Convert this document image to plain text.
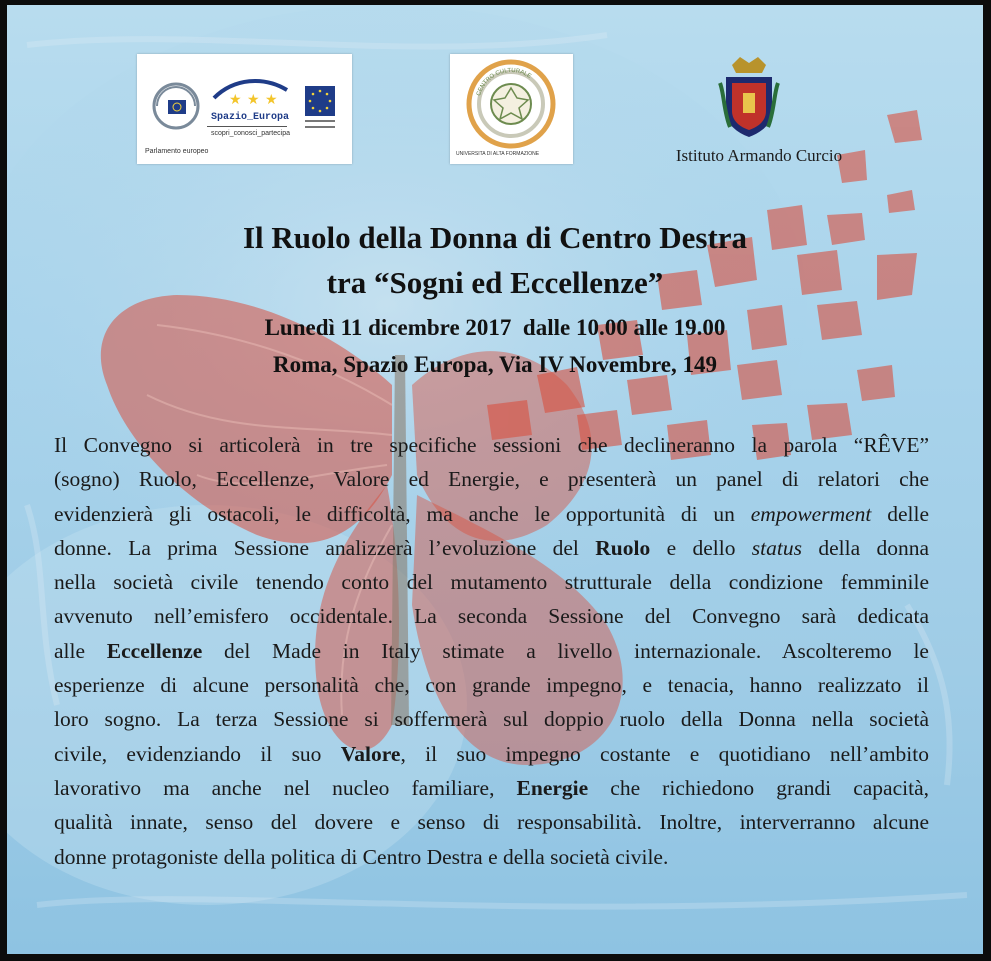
Parlamento europeo
★ ★ ★
Spazio_Europa
scopri_conosci_partecipa
CENTRO CULTURALE
UNIVERSITA DI ALTA FORMAZIONE	Istituto Armando Curcio
Il Ruolo della Donna di Centro Destra
tra “Sogni ed Eccellenze”
Lunedì 11 dicembre 2017  dalle 10.00 alle 19.00
Roma, Spazio Europa, Via IV Novembre, 149
Il Convegno si articolerà in tre specifiche sessioni che declineranno la parola “RÊVE”
(sogno) Ruolo, Eccellenze, Valore ed Energie, e presenterà un panel di relatori che
evidenzierà gli ostacoli, le difficoltà, ma anche le opportunità di un empowerment delle
donne. La prima Sessione analizzerà l’evoluzione del Ruolo e dello status della donna
nella società civile tenendo conto del mutamento strutturale della condizione femminile
avvenuto nell’emisfero occidentale. La seconda Sessione del Convegno sarà dedicata
alle Eccellenze del Made in Italy stimate a livello internazionale. Ascolteremo le
esperienze di alcune personalità che, con grande impegno, e tenacia, hanno realizzato il
loro sogno. La terza Sessione si soffermerà sul doppio ruolo della Donna nella società
civile, evidenziando il suo Valore, il suo impegno costante e quotidiano nell’ambito
lavorativo ma anche nel nucleo familiare, Energie che richiedono grandi capacità,
qualità innate, senso del dovere e senso di responsabilità. Inoltre, interverranno alcune
donne protagoniste della politica di Centro Destra e della società civile.
